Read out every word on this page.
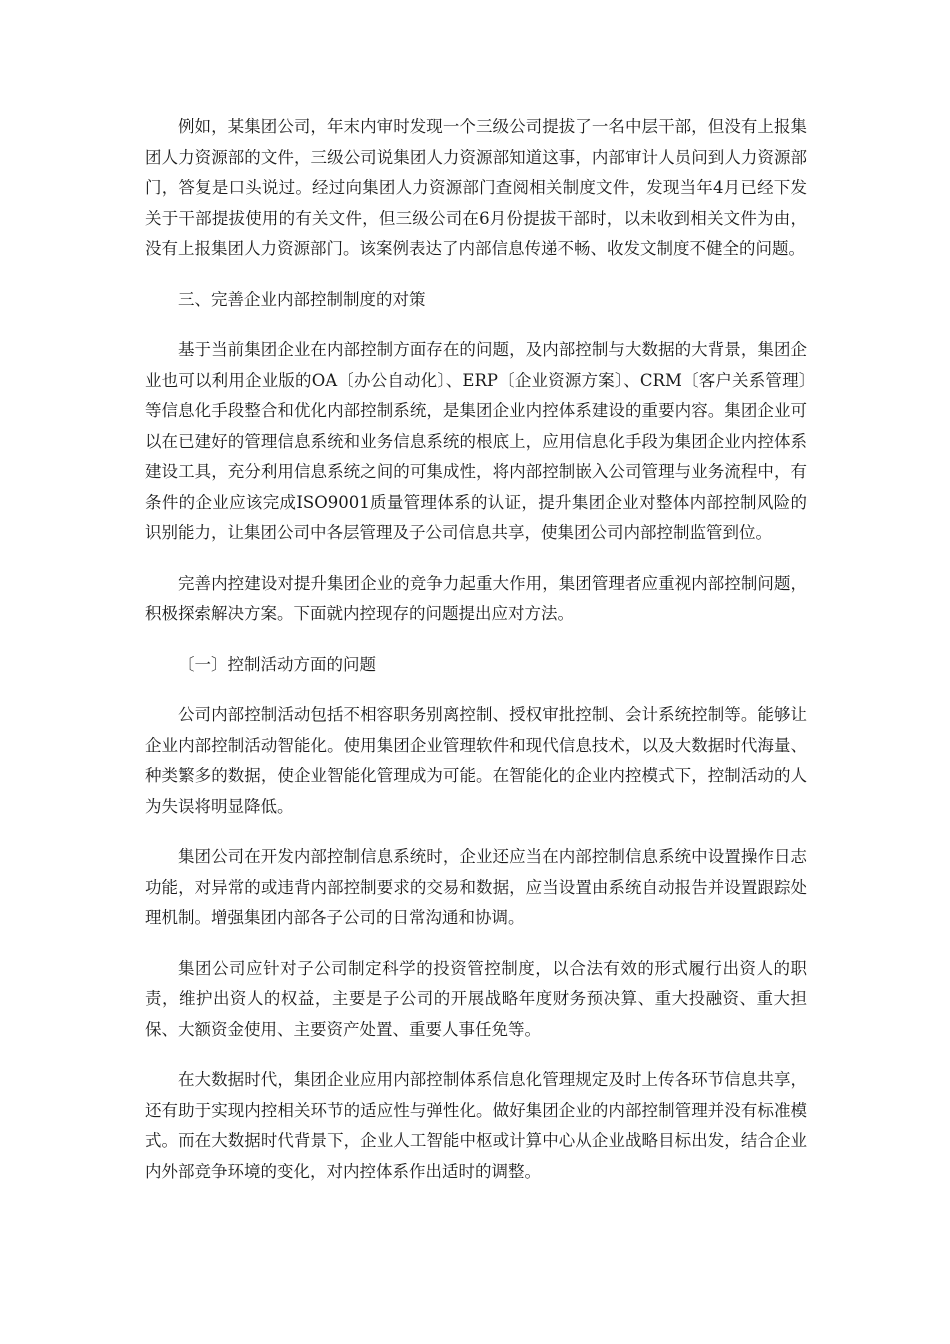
例如，某集团公司，年末内审时发现一个三级公司提拔了一名中层干部，但没有上报集团人力资源部的文件，三级公司说集团人力资源部知道这事，内部审计人员问到人力资源部门，答复是口头说过。经过向集团人力资源部门查阅相关制度文件，发现当年4月已经下发关于干部提拔使用的有关文件，但三级公司在6月份提拔干部时，以未收到相关文件为由，没有上报集团人力资源部门。该案例表达了内部信息传递不畅、收发文制度不健全的问题。

三、完善企业内部控制制度的对策

基于当前集团企业在内部控制方面存在的问题，及内部控制与大数据的大背景，集团企业也可以利用企业版的OA〔办公自动化〕、ERP〔企业资源方案〕、CRM〔客户关系管理〕等信息化手段整合和优化内部控制系统，是集团企业内控体系建设的重要内容。集团企业可以在已建好的管理信息系统和业务信息系统的根底上，应用信息化手段为集团企业内控体系建设工具，充分利用信息系统之间的可集成性，将内部控制嵌入公司管理与业务流程中，有条件的企业应该完成ISO9001质量管理体系的认证，提升集团企业对整体内部控制风险的识别能力，让集团公司中各层管理及子公司信息共享，使集团公司内部控制监管到位。

完善内控建设对提升集团企业的竞争力起重大作用，集团管理者应重视内部控制问题，积极探索解决方案。下面就内控现存的问题提出应对方法。

〔一〕控制活动方面的问题

公司内部控制活动包括不相容职务别离控制、授权审批控制、会计系统控制等。能够让企业内部控制活动智能化。使用集团企业管理软件和现代信息技术，以及大数据时代海量、种类繁多的数据，使企业智能化管理成为可能。在智能化的企业内控模式下，控制活动的人为失误将明显降低。

集团公司在开发内部控制信息系统时，企业还应当在内部控制信息系统中设置操作日志功能，对异常的或违背内部控制要求的交易和数据，应当设置由系统自动报告并设置跟踪处理机制。增强集团内部各子公司的日常沟通和协调。

集团公司应针对子公司制定科学的投资管控制度，以合法有效的形式履行出资人的职责，维护出资人的权益，主要是子公司的开展战略年度财务预决算、重大投融资、重大担保、大额资金使用、主要资产处置、重要人事任免等。

在大数据时代，集团企业应用内部控制体系信息化管理规定及时上传各环节信息共享，还有助于实现内控相关环节的适应性与弹性化。做好集团企业的内部控制管理并没有标准模式。而在大数据时代背景下，企业人工智能中枢或计算中心从企业战略目标出发，结合企业内外部竞争环境的变化，对内控体系作出适时的调整。
